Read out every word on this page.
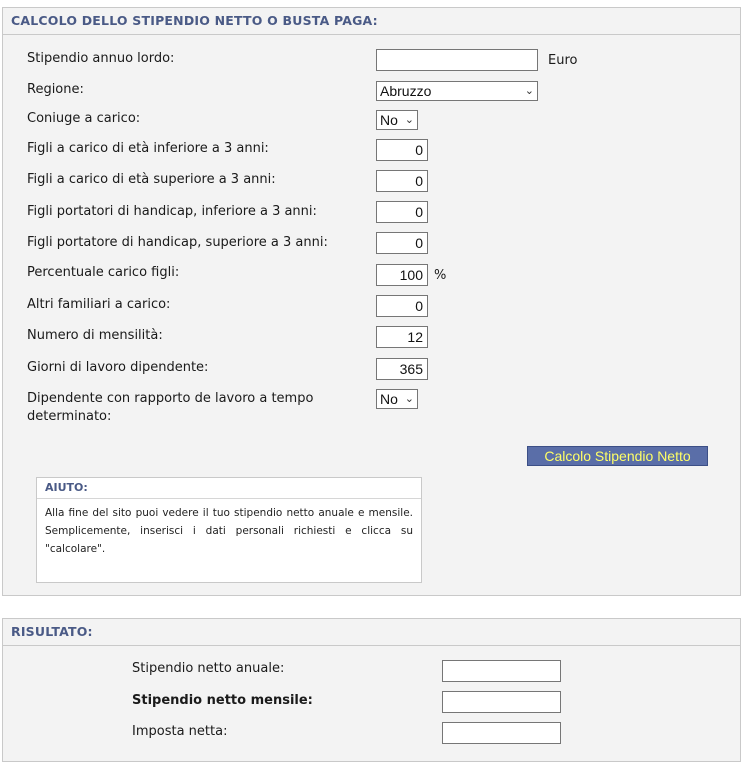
CALCOLO DELLO STIPENDIO NETTO O BUSTA PAGA:
Stipendio annuo lordo:	Euro
Regione:	Abruzzo	⌄
Coniuge a carico:	No ⌄
Figli a carico di età inferiore a 3 anni:	0
Figli a carico di età superiore a 3 anni:	0
Figli portatori di handicap, inferiore a 3 anni:	0
Figli portatore di handicap, superiore a 3 anni:	0
Percentuale carico figli:	100 %
Altri familiari a carico:	0
Numero di mensilità:	12
Giorni di lavoro dipendente:	365
Dipendente con rapporto de lavoro a tempo
determinato:
No ⌄
Calcolo Stipendio Netto
AIUTO:
Alla fine del sito puoi vedere il tuo stipendio netto anuale e mensile. Semplicemente, inserisci i dati personali richiesti e clicca su "calcolare".
RISULTATO:
Stipendio netto anuale:
Stipendio netto mensile:
Imposta netta:
